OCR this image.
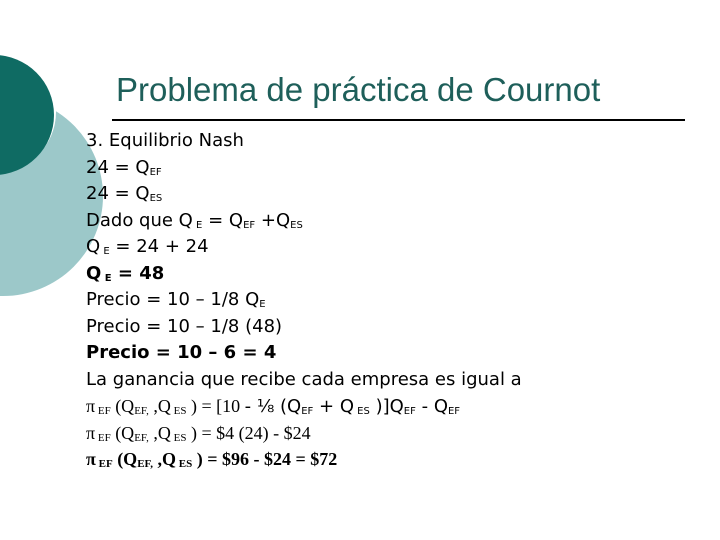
Problema de práctica de Cournot
3. Equilibrio Nash
$24 = Q_{EF}$
$24 = Q_{ES}$
Dado que Q $_E = Q_{EF} +Q_{ES}$
Q $_E$ = 24 + 24
Q $_E$ = 48
Precio = 10 – 1/8 $Q_E$
Precio = 10 – 1/8 (48)
Precio = 10 – 6 = 4
La ganancia que recibe cada empresa es igual a
π EF (QEF, ,Q ES ) = [10 - ⅛ ($Q_{EF} + Q$ $_{ES}$ )]$Q_{EF} - Q_{EF}$
π EF (QEF, ,Q ES ) = $4 (24) - $24
π EF (QEF, ,Q ES ) = $96 - $24 = $72
